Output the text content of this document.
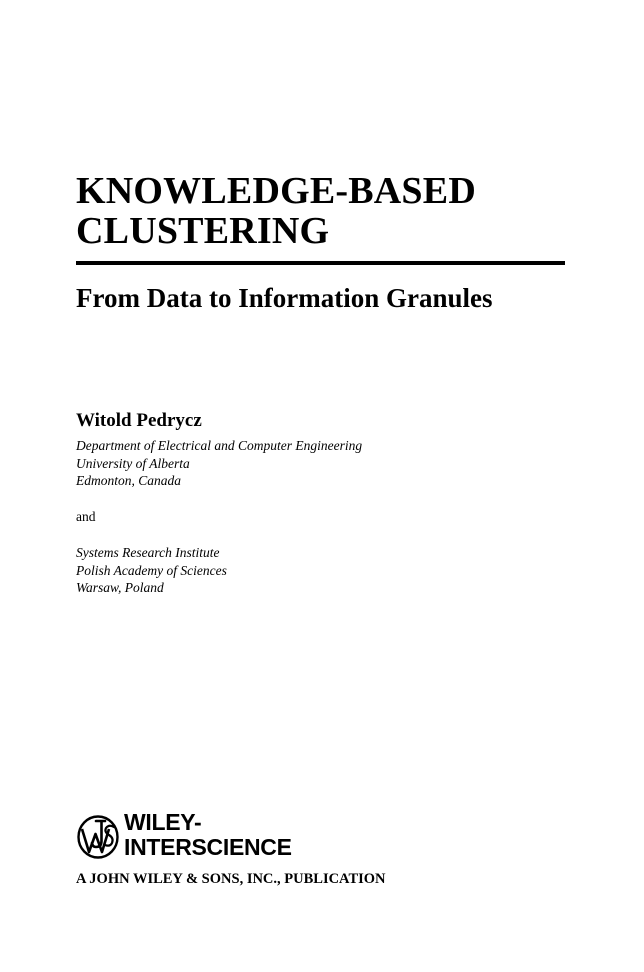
KNOWLEDGE-BASED
CLUSTERING
From Data to Information Granules

Witold Pedrycz

Department of Electrical and Computer Engineering
University of Alberta
Edmonton, Canada

and

Systems Research Institute
Polish Academy of Sciences
Warsaw, Poland

WILEY-
INTERSCIENCE

A JOHN WILEY & SONS, INC., PUBLICATION
